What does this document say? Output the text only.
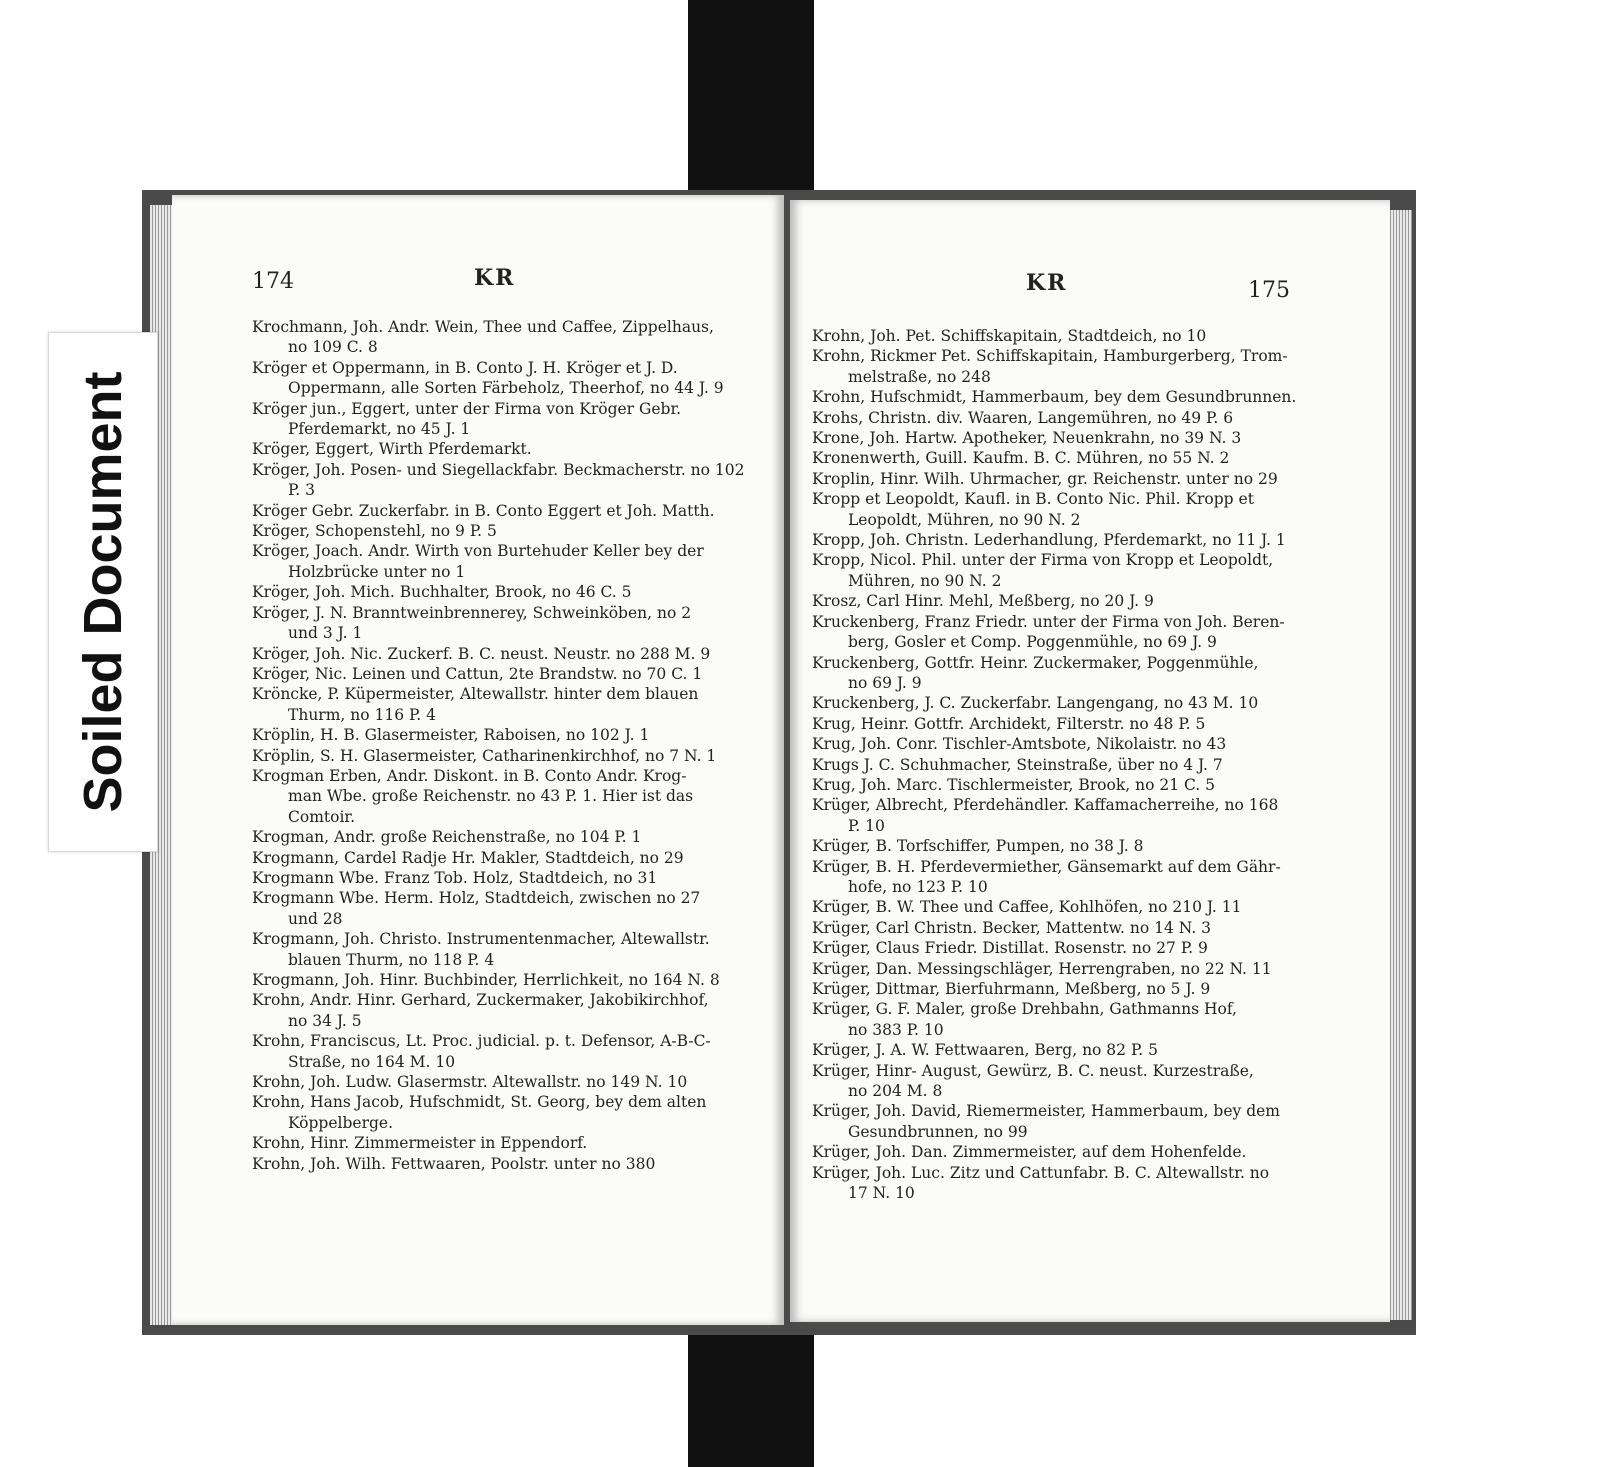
174	KR
Krochmann, Joh. Andr. Wein, Thee und Caffee, Zippelhaus,
no 109 C. 8
Kröger et Oppermann, in B. Conto J. H. Kröger et J. D.
Oppermann, alle Sorten Färbeholz, Theerhof, no 44 J. 9
Kröger jun., Eggert, unter der Firma von Kröger Gebr.
Pferdemarkt, no 45 J. 1
Kröger, Eggert, Wirth Pferdemarkt.
Kröger, Joh. Posen- und Siegellackfabr. Beckmacherstr. no 102
P. 3
Kröger Gebr. Zuckerfabr. in B. Conto Eggert et Joh. Matth.
Kröger, Schopenstehl, no 9 P. 5
Kröger, Joach. Andr. Wirth von Burtehuder Keller bey der
Holzbrücke unter no 1
Kröger, Joh. Mich. Buchhalter, Brook, no 46 C. 5
Kröger, J. N. Branntweinbrennerey, Schweinköben, no 2
und 3 J. 1
Kröger, Joh. Nic. Zuckerf. B. C. neust. Neustr. no 288 M. 9
Kröger, Nic. Leinen und Cattun, 2te Brandstw. no 70 C. 1
Kröncke, P. Küpermeister, Altewallstr. hinter dem blauen
Thurm, no 116 P. 4
Kröplin, H. B. Glasermeister, Raboisen, no 102 J. 1
Kröplin, S. H. Glasermeister, Catharinenkirchhof, no 7 N. 1
Krogman Erben, Andr. Diskont. in B. Conto Andr. Krog-
man Wbe. große Reichenstr. no 43 P. 1. Hier ist das
Comtoir.
Krogman, Andr. große Reichenstraße, no 104 P. 1
Krogmann, Cardel Radje Hr. Makler, Stadtdeich, no 29
Krogmann Wbe. Franz Tob. Holz, Stadtdeich, no 31
Krogmann Wbe. Herm. Holz, Stadtdeich, zwischen no 27
und 28
Krogmann, Joh. Christo. Instrumentenmacher, Altewallstr.
blauen Thurm, no 118 P. 4
Krogmann, Joh. Hinr. Buchbinder, Herrlichkeit, no 164 N. 8
Krohn, Andr. Hinr. Gerhard, Zuckermaker, Jakobikirchhof,
no 34 J. 5
Krohn, Franciscus, Lt. Proc. judicial. p. t. Defensor, A-B-C-
Straße, no 164 M. 10
Krohn, Joh. Ludw. Glasermstr. Altewallstr. no 149 N. 10
Krohn, Hans Jacob, Hufschmidt, St. Georg, bey dem alten
Köppelberge.
Krohn, Hinr. Zimmermeister in Eppendorf.
Krohn, Joh. Wilh. Fettwaaren, Poolstr. unter no 380
KR	175
Krohn, Joh. Pet. Schiffskapitain, Stadtdeich, no 10
Krohn, Rickmer Pet. Schiffskapitain, Hamburgerberg, Trom-
melstraße, no 248
Krohn, Hufschmidt, Hammerbaum, bey dem Gesundbrunnen.
Krohs, Christn. div. Waaren, Langemühren, no 49 P. 6
Krone, Joh. Hartw. Apotheker, Neuenkrahn, no 39 N. 3
Kronenwerth, Guill. Kaufm. B. C. Mühren, no 55 N. 2
Kroplin, Hinr. Wilh. Uhrmacher, gr. Reichenstr. unter no 29
Kropp et Leopoldt, Kaufl. in B. Conto Nic. Phil. Kropp et
Leopoldt, Mühren, no 90 N. 2
Kropp, Joh. Christn. Lederhandlung, Pferdemarkt, no 11 J. 1
Kropp, Nicol. Phil. unter der Firma von Kropp et Leopoldt,
Mühren, no 90 N. 2
Krosz, Carl Hinr. Mehl, Meßberg, no 20 J. 9
Kruckenberg, Franz Friedr. unter der Firma von Joh. Beren-
berg, Gosler et Comp. Poggenmühle, no 69 J. 9
Kruckenberg, Gottfr. Heinr. Zuckermaker, Poggenmühle,
no 69 J. 9
Kruckenberg, J. C. Zuckerfabr. Langengang, no 43 M. 10
Krug, Heinr. Gottfr. Archidekt, Filterstr. no 48 P. 5
Krug, Joh. Conr. Tischler-Amtsbote, Nikolaistr. no 43
Krugs J. C. Schuhmacher, Steinstraße, über no 4 J. 7
Krug, Joh. Marc. Tischlermeister, Brook, no 21 C. 5
Krüger, Albrecht, Pferdehändler. Kaffamacherreihe, no 168
P. 10
Krüger, B. Torfschiffer, Pumpen, no 38 J. 8
Krüger, B. H. Pferdevermiether, Gänsemarkt auf dem Gähr-
hofe, no 123 P. 10
Krüger, B. W. Thee und Caffee, Kohlhöfen, no 210 J. 11
Krüger, Carl Christn. Becker, Mattentw. no 14 N. 3
Krüger, Claus Friedr. Distillat. Rosenstr. no 27 P. 9
Krüger, Dan. Messingschläger, Herrengraben, no 22 N. 11
Krüger, Dittmar, Bierfuhrmann, Meßberg, no 5 J. 9
Krüger, G. F. Maler, große Drehbahn, Gathmanns Hof,
no 383 P. 10
Krüger, J. A. W. Fettwaaren, Berg, no 82 P. 5
Krüger, Hinr- August, Gewürz, B. C. neust. Kurzestraße,
no 204 M. 8
Krüger, Joh. David, Riemermeister, Hammerbaum, bey dem
Gesundbrunnen, no 99
Krüger, Joh. Dan. Zimmermeister, auf dem Hohenfelde.
Krüger, Joh. Luc. Zitz und Cattunfabr. B. C. Altewallstr. no
17 N. 10
Soiled Document
